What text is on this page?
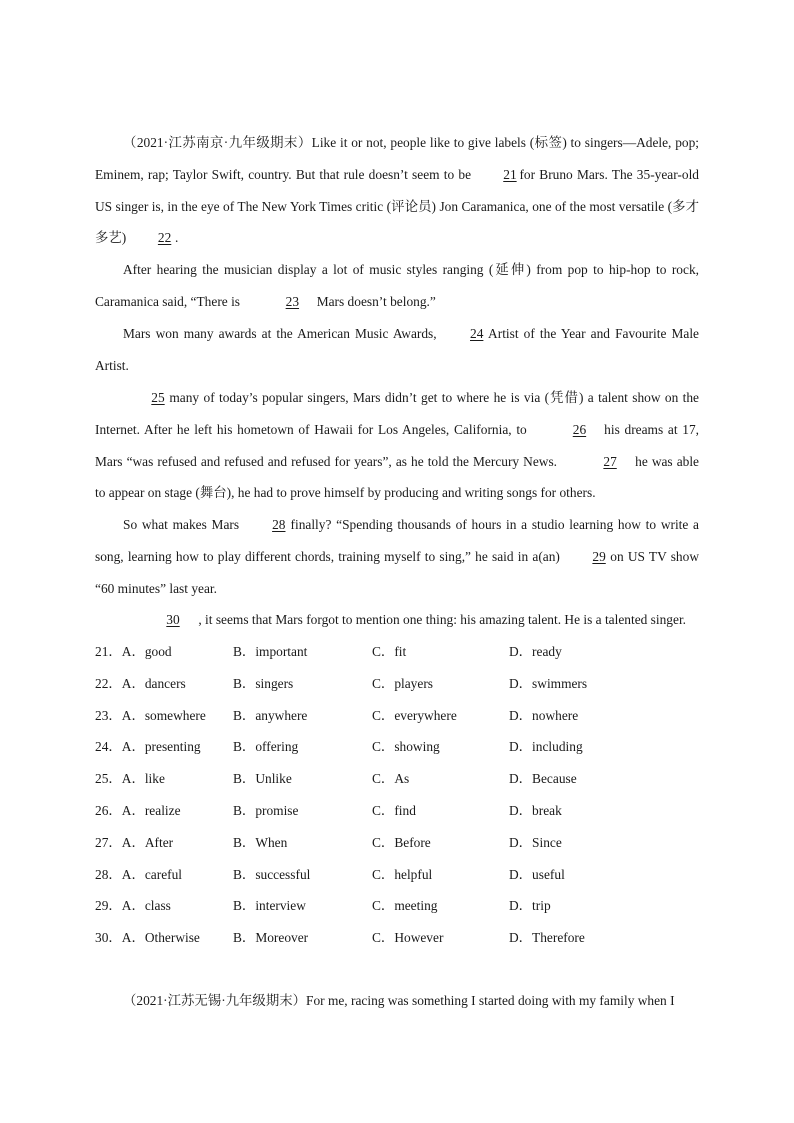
（2021·江苏南京·九年级期末）Like it or not, people like to give labels (标签) to singers—Adele, pop; Eminem, rap; Taylor Swift, country. But that rule doesn’t seem to be 21 for Bruno Mars. The 35-year-old US singer is, in the eye of The New York Times critic (评论员) Jon Caramanica, one of the most versatile (多才多艺) 22 .

After hearing the musician display a lot of music styles ranging (延伸) from pop to hip-hop to rock, Caramanica said, “There is	23 Mars doesn’t belong.”

Mars won many awards at the American Music Awards, 24 Artist of the Year and Favourite Male Artist.

25 many of today’s popular singers, Mars didn’t get to where he is via (凭借) a talent show on the Internet. After he left his hometown of Hawaii for Los Angeles, California, to	26 his dreams at 17, Mars “was refused and refused and refused for years”, as he told the Mercury News.	27 he was able to appear on stage (舞台), he had to prove himself by producing and writing songs for others.

So what makes Mars 28 finally? “Spending thousands of hours in a studio learning how to write a song, learning how to play different chords, training myself to sing,” he said in a(an) 29 on US TV show “60 minutes” last year.

30 , it seems that Mars forgot to mention one thing: his amazing talent. He is a talented singer.

21．A．good	B．important	C．fit	D．ready
22．A．dancers	B．singers	C．players	D．swimmers
23．A．somewhere B．anywhere	C．everywhere	D．nowhere
24．A．presenting B．offering	C．showing	D．including
25．A．like	B．Unlike	C．As	D．Because
26．A．realize	B．promise	C．find	D．break
27．A．After	B．When	C．Before	D．Since
28．A．careful	B．successful	C．helpful	D．useful
29．A．class	B．interview	C．meeting	D．trip
30．A．Otherwise B．Moreover	C．However	D．Therefore

（2021·江苏无锡·九年级期末）For me, racing was something I started doing with my family when I
